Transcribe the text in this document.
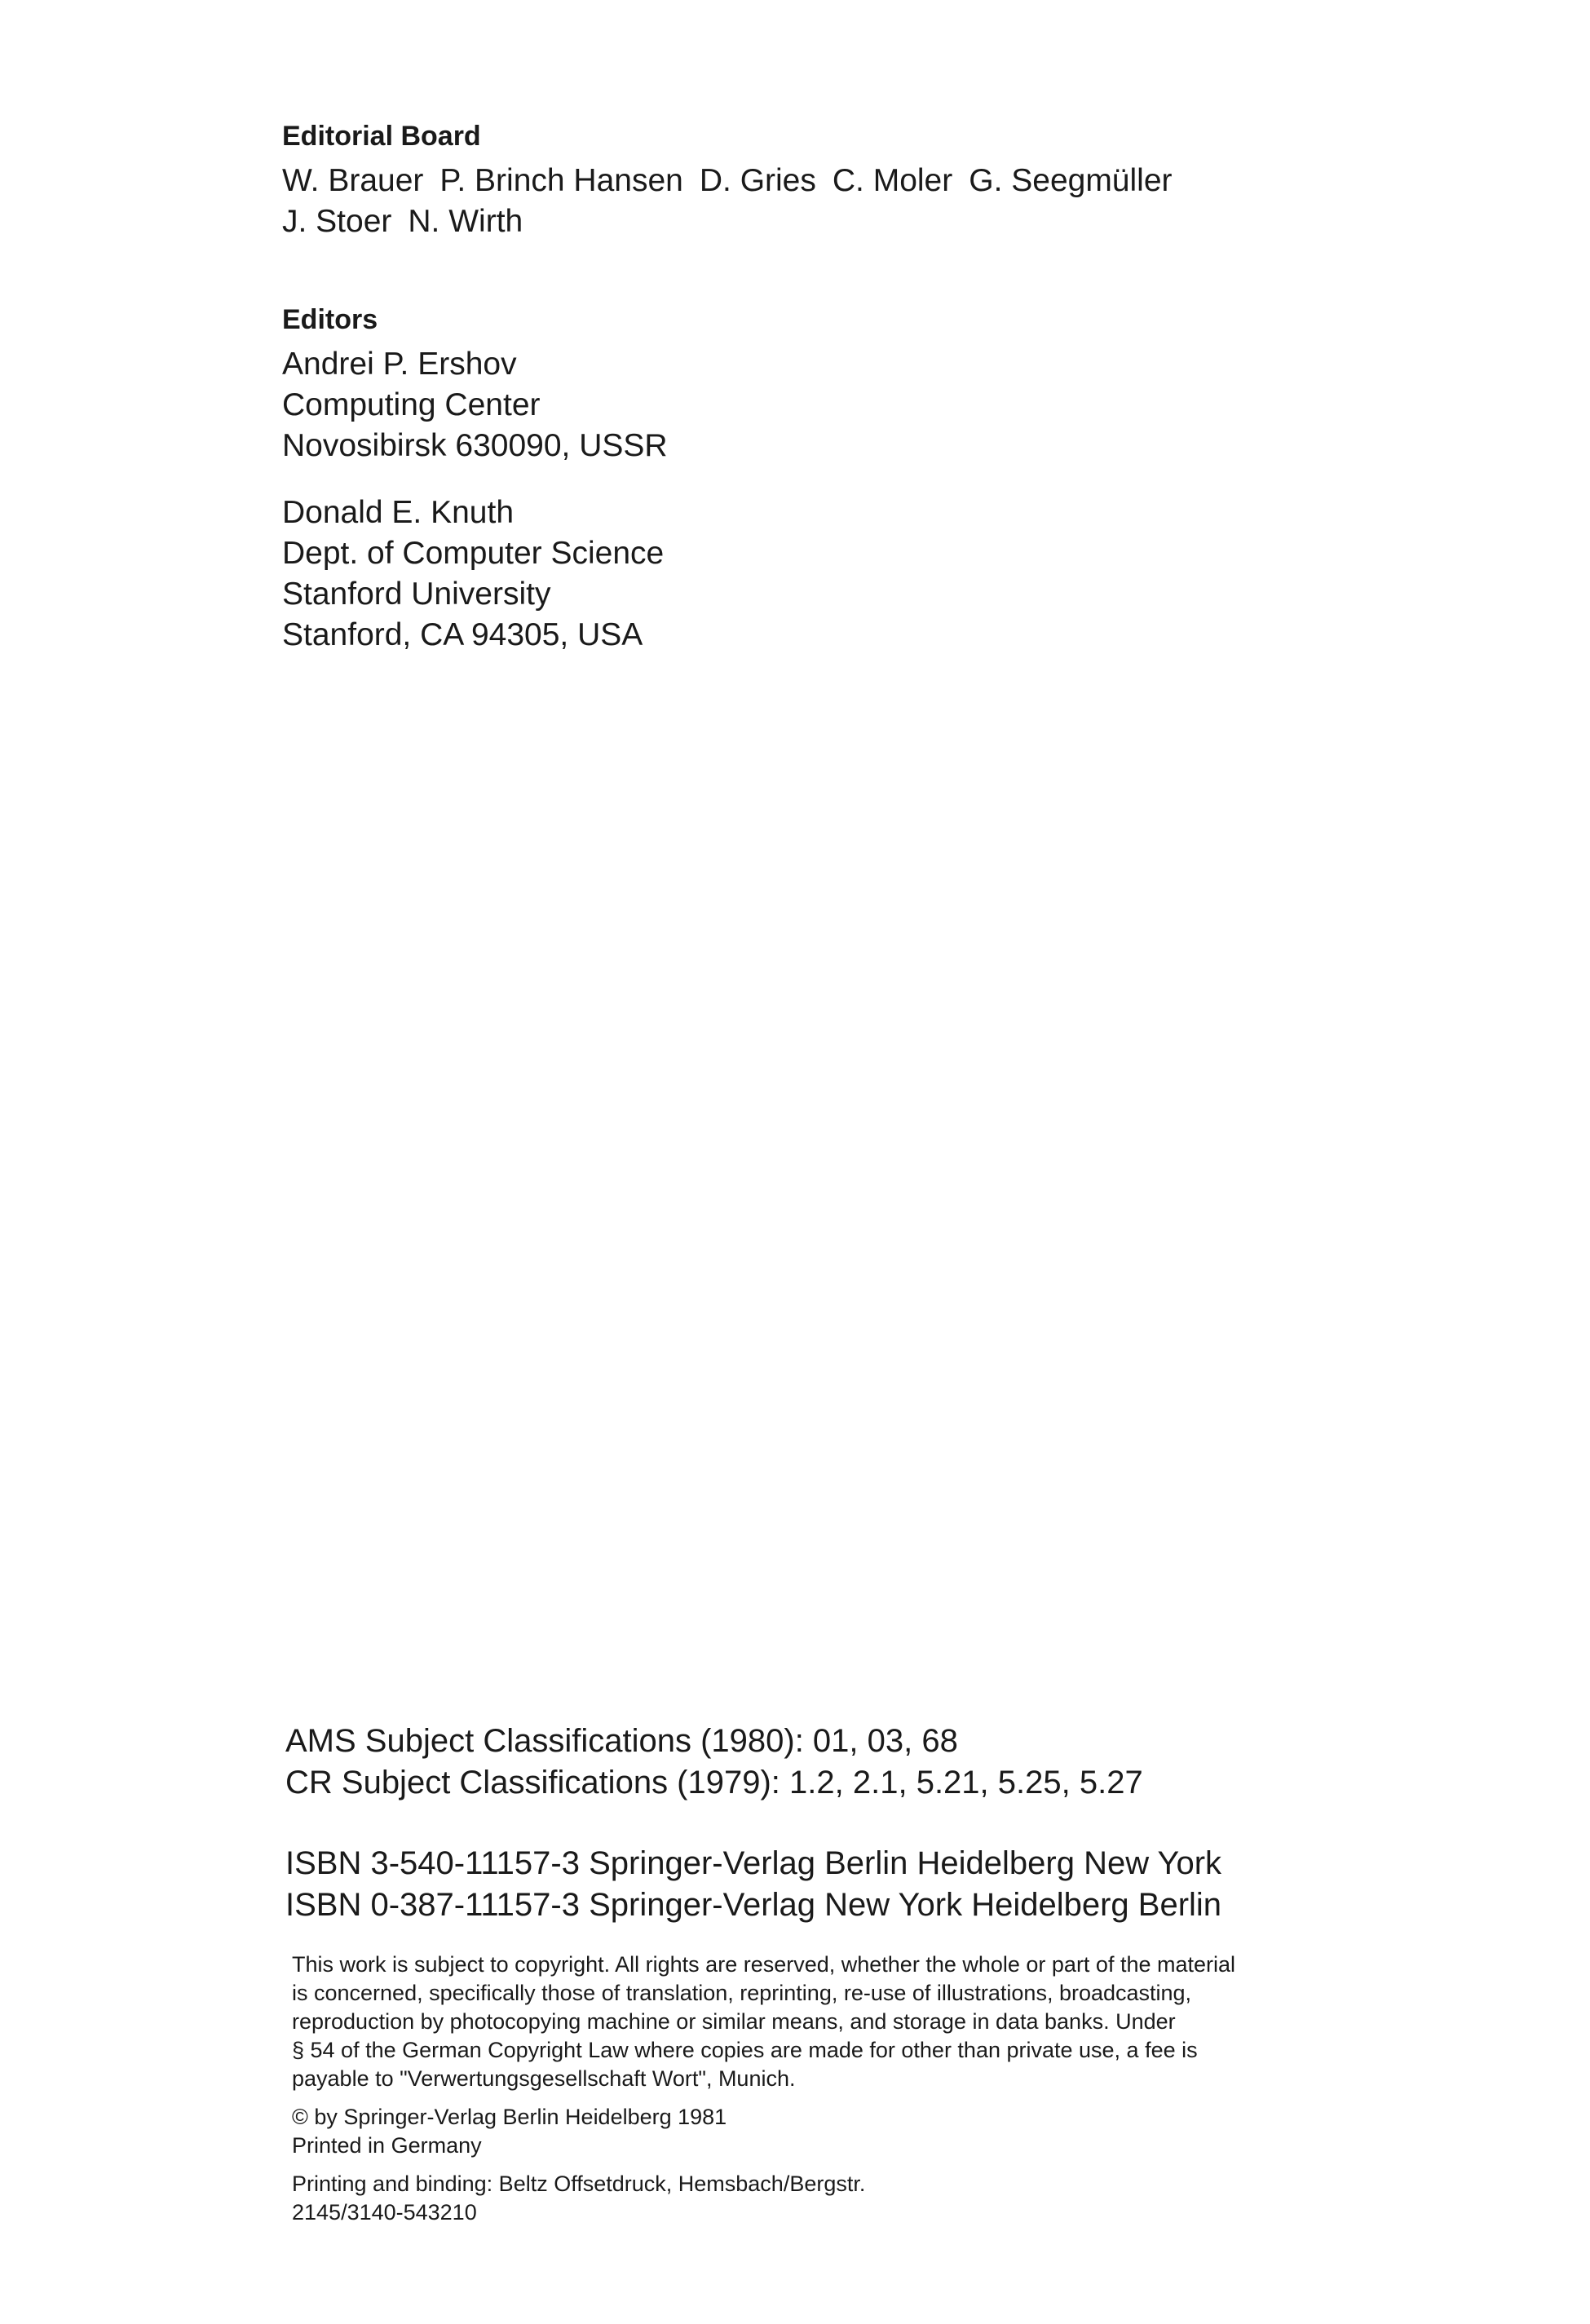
Editorial Board
W. Brauer P. Brinch Hansen D. Gries C. Moler G. Seegmüller
J. Stoer N. Wirth
Editors
Andrei P. Ershov
Computing Center
Novosibirsk 630090, USSR
Donald E. Knuth
Dept. of Computer Science
Stanford University
Stanford, CA 94305, USA
AMS Subject Classifications (1980): 01, 03, 68
CR Subject Classifications (1979): 1.2, 2.1, 5.21, 5.25, 5.27
ISBN 3-540-11157-3 Springer-Verlag Berlin Heidelberg New York
ISBN 0-387-11157-3 Springer-Verlag New York Heidelberg Berlin
This work is subject to copyright. All rights are reserved, whether the whole or part of the material
is concerned, specifically those of translation, reprinting, re-use of illustrations, broadcasting,
reproduction by photocopying machine or similar means, and storage in data banks. Under
§ 54 of the German Copyright Law where copies are made for other than private use, a fee is
payable to "Verwertungsgesellschaft Wort", Munich.
© by Springer-Verlag Berlin Heidelberg 1981
Printed in Germany
Printing and binding: Beltz Offsetdruck, Hemsbach/Bergstr.
2145/3140-543210
